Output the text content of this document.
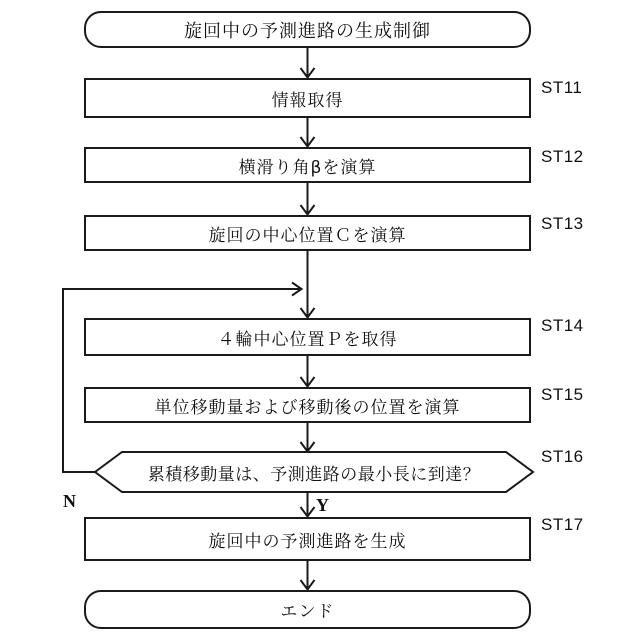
旋回中の予測進路の生成制御
情報取得
ST11
横滑り角βを演算
ST12
旋回の中心位置Ｃを演算
ST13
４輪中心位置Ｐを取得
ST14
単位移動量および移動後の位置を演算
ST15
累積移動量は、予測進路の最小長に到達？
ST16
N	Y
旋回中の予測進路を生成
ST17
エンド
